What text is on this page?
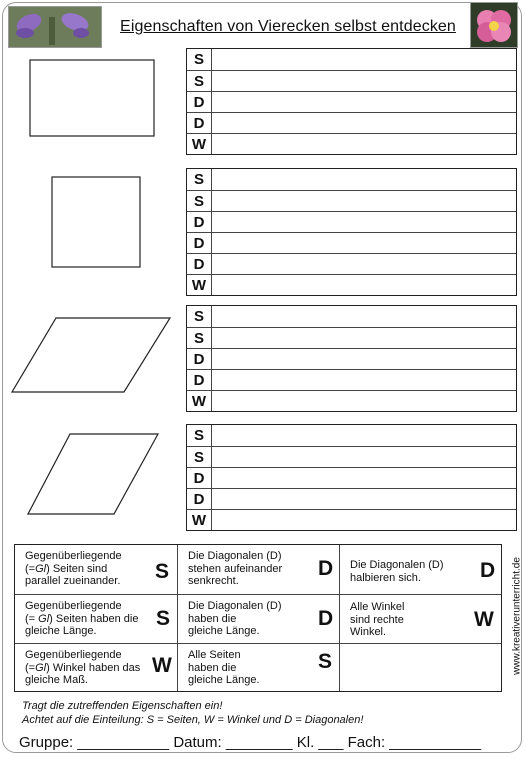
Eigenschaften von Vierecken selbst entdecken
S
S
D
D
W
S
S
D
D
D
W
S
S
D
D
W
S
S
D
D
W
Gegenüberliegende
(=Gl) Seiten sind
parallel zueinander. S
Die Diagonalen (D)
stehen aufeinander
senkrecht.
D Die Diagonalen (D)
halbieren sich.	D
Gegenüberliegende
(= Gl) Seiten haben die
gleiche Länge.
S
Die Diagonalen (D)
haben die
gleiche Länge.
D Alle Winkel
sind rechte
Winkel.
W
Gegenüberliegende
(=Gl) Winkel haben das
gleiche Maß.
W Alle Seiten
haben die
gleiche Länge.
S	www.kreativerunterricht.de
Tragt die zutreffenden Eigenschaften ein!
Achtet auf die Einteilung: S = Seiten, W = Winkel und D = Diagonalen!
Gruppe: ___________ Datum: ________ Kl. ___ Fach: ___________
